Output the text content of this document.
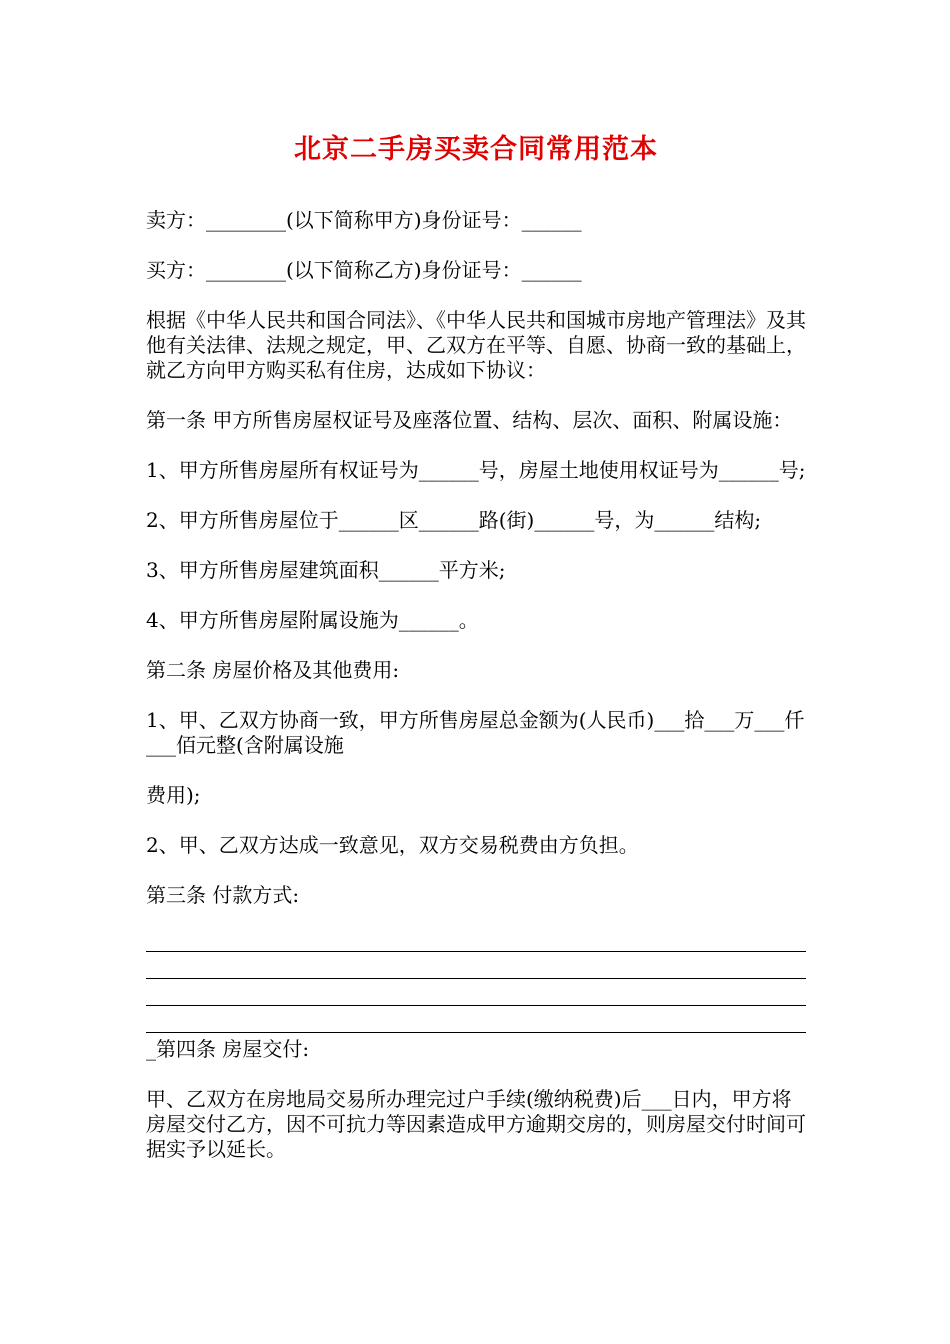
北京二手房买卖合同常用范本

卖方：________(以下简称甲方)身份证号：______

买方：________(以下简称乙方)身份证号：______

根据《中华人民共和国合同法》、《中华人民共和国城市房地产管理法》及其他有关法律、法规之规定，甲、乙双方在平等、自愿、协商一致的基础上，就乙方向甲方购买私有住房，达成如下协议：

第一条 甲方所售房屋权证号及座落位置、结构、层次、面积、附属设施：

1、甲方所售房屋所有权证号为______号，房屋土地使用权证号为______号;

2、甲方所售房屋位于______区______路(街)______号，为______结构;

3、甲方所售房屋建筑面积______平方米;

4、甲方所售房屋附属设施为______。

第二条 房屋价格及其他费用:

1、甲、乙双方协商一致，甲方所售房屋总金额为(人民币)___拾___万___仟___佰元整(含附属设施

费用);

2、甲、乙双方达成一致意见，双方交易税费由方负担。

第三条 付款方式:

_第四条 房屋交付:

甲、乙双方在房地局交易所办理完过户手续(缴纳税费)后___日内，甲方将房屋交付乙方，因不可抗力等因素造成甲方逾期交房的，则房屋交付时间可据实予以延长。
